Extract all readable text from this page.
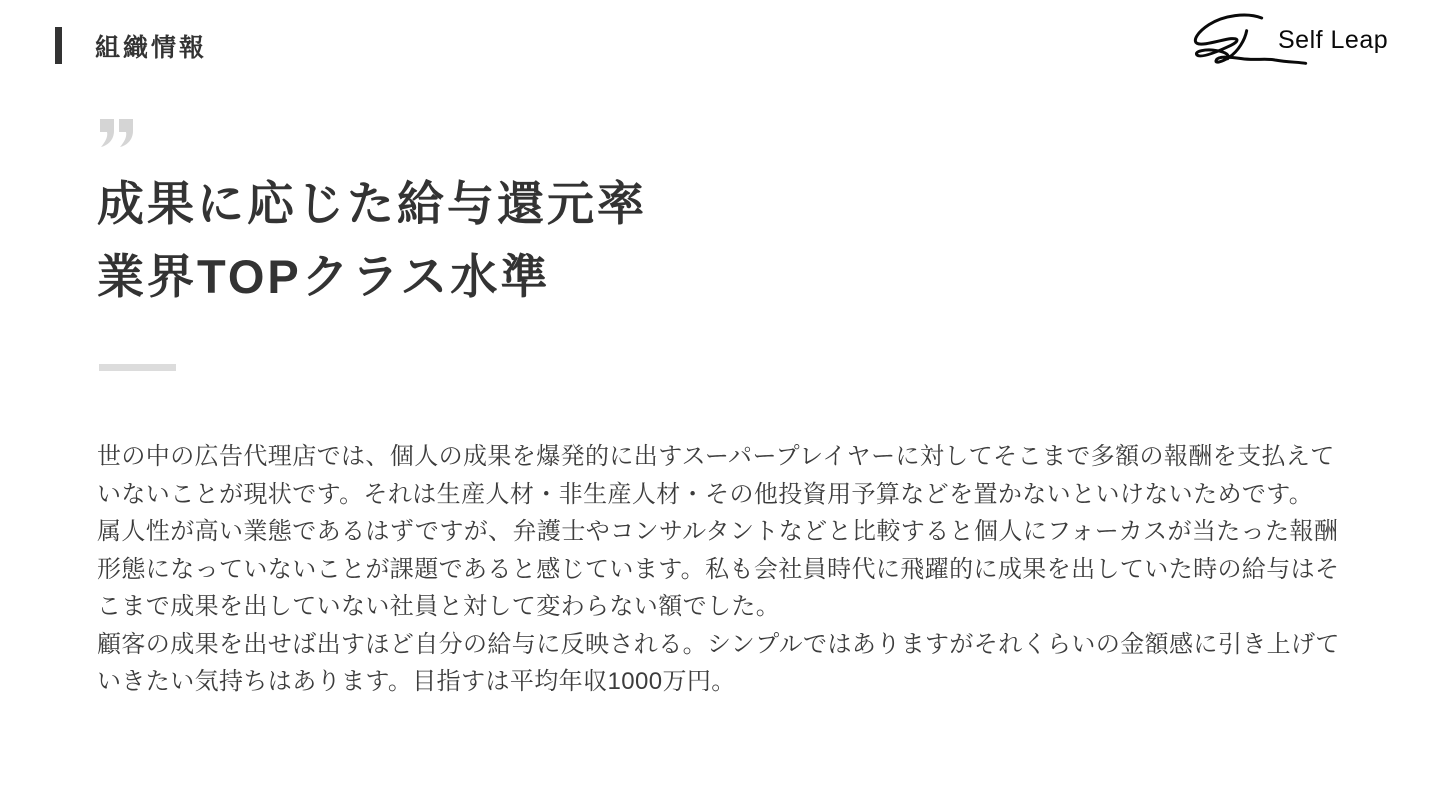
組織情報	Self Leap
成果に応じた給与還元率
業界TOPクラス水準
世の中の広告代理店では、個人の成果を爆発的に出すスーパープレイヤーに対してそこまで多額の報酬を支払えて
いないことが現状です。それは生産人材・非生産人材・その他投資用予算などを置かないといけないためです。
属人性が高い業態であるはずですが、弁護士やコンサルタントなどと比較すると個人にフォーカスが当たった報酬
形態になっていないことが課題であると感じています。私も会社員時代に飛躍的に成果を出していた時の給与はそ
こまで成果を出していない社員と対して変わらない額でした。
顧客の成果を出せば出すほど自分の給与に反映される。シンプルではありますがそれくらいの金額感に引き上げて
いきたい気持ちはあります。目指すは平均年収1000万円。
